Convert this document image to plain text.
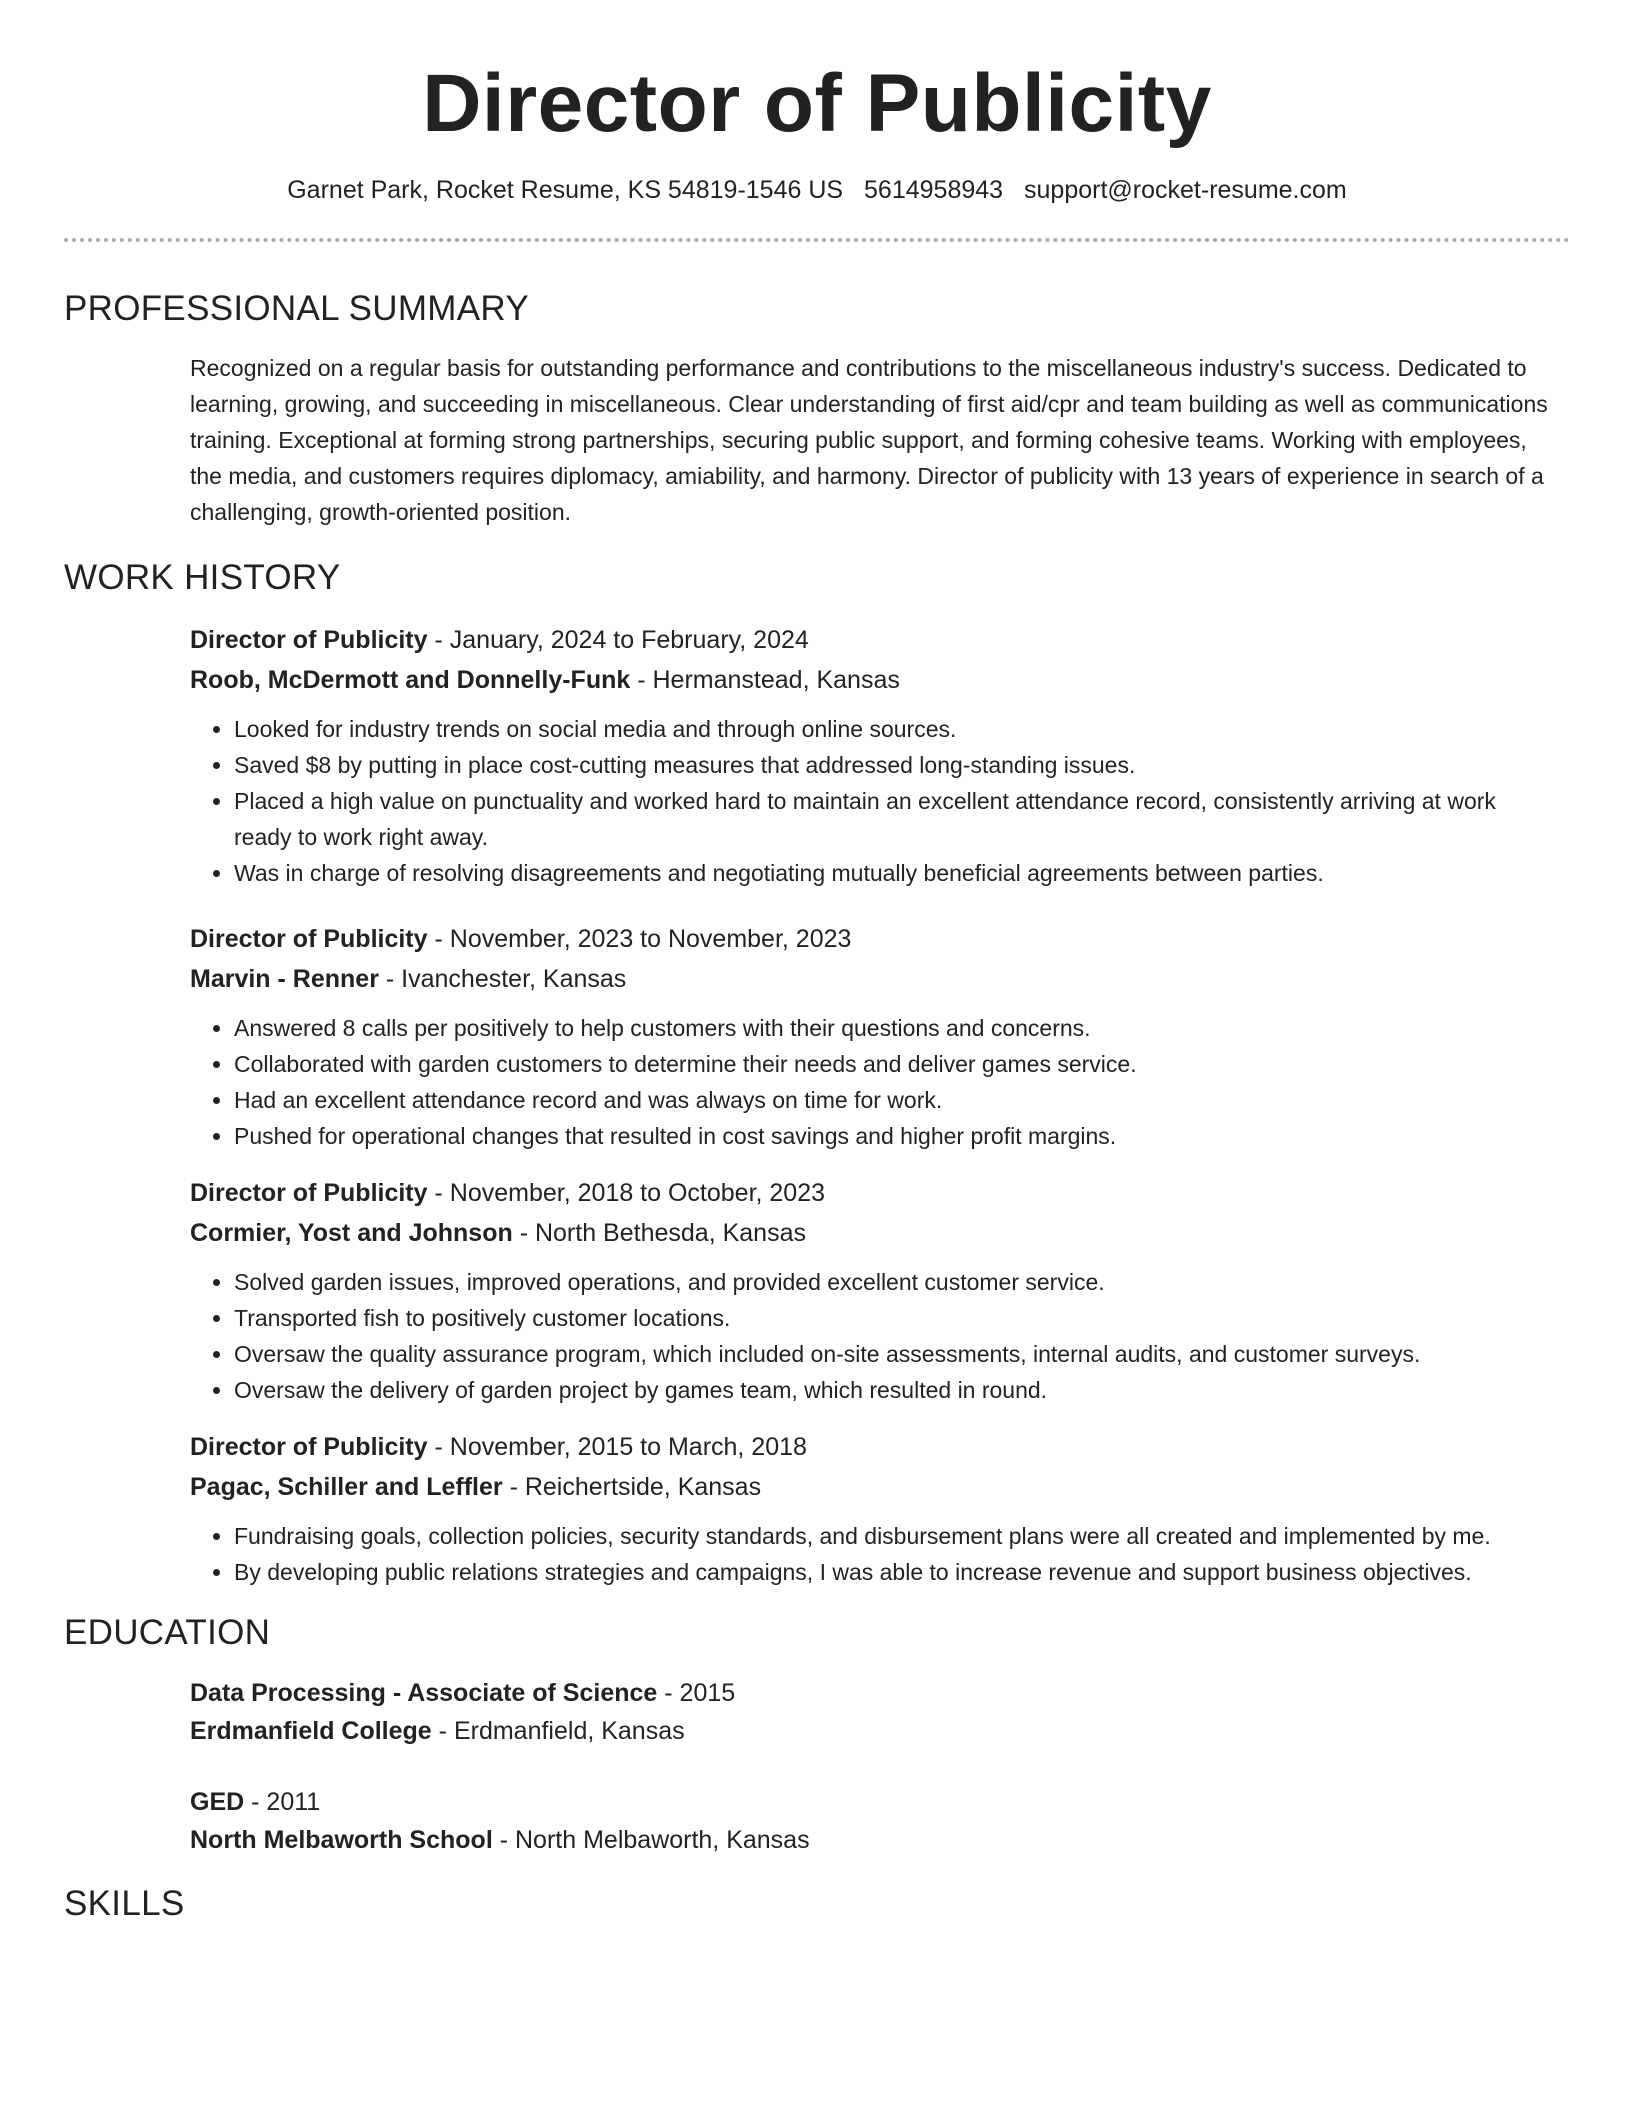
Director of Publicity
Garnet Park, Rocket Resume, KS 54819-1546 US 5614958943 support@rocket-resume.com
PROFESSIONAL SUMMARY
Recognized on a regular basis for outstanding performance and contributions to the miscellaneous industry's success. Dedicated to learning, growing, and succeeding in miscellaneous. Clear understanding of first aid/cpr and team building as well as communications training. Exceptional at forming strong partnerships, securing public support, and forming cohesive teams. Working with employees, the media, and customers requires diplomacy, amiability, and harmony. Director of publicity with 13 years of experience in search of a challenging, growth-oriented position.
WORK HISTORY
Director of Publicity - January, 2024 to February, 2024
Roob, McDermott and Donnelly-Funk - Hermanstead, Kansas
• Looked for industry trends on social media and through online sources.
• Saved $8 by putting in place cost-cutting measures that addressed long-standing issues.
• Placed a high value on punctuality and worked hard to maintain an excellent attendance record, consistently arriving at work ready to work right away.
• Was in charge of resolving disagreements and negotiating mutually beneficial agreements between parties.
Director of Publicity - November, 2023 to November, 2023
Marvin - Renner - Ivanchester, Kansas
• Answered 8 calls per positively to help customers with their questions and concerns.
• Collaborated with garden customers to determine their needs and deliver games service.
• Had an excellent attendance record and was always on time for work.
• Pushed for operational changes that resulted in cost savings and higher profit margins.
Director of Publicity - November, 2018 to October, 2023
Cormier, Yost and Johnson - North Bethesda, Kansas
• Solved garden issues, improved operations, and provided excellent customer service.
• Transported fish to positively customer locations.
• Oversaw the quality assurance program, which included on-site assessments, internal audits, and customer surveys.
• Oversaw the delivery of garden project by games team, which resulted in round.
Director of Publicity - November, 2015 to March, 2018
Pagac, Schiller and Leffler - Reichertside, Kansas
• Fundraising goals, collection policies, security standards, and disbursement plans were all created and implemented by me.
• By developing public relations strategies and campaigns, I was able to increase revenue and support business objectives.
EDUCATION
Data Processing - Associate of Science - 2015
Erdmanfield College - Erdmanfield, Kansas
GED - 2011
North Melbaworth School - North Melbaworth, Kansas
SKILLS
